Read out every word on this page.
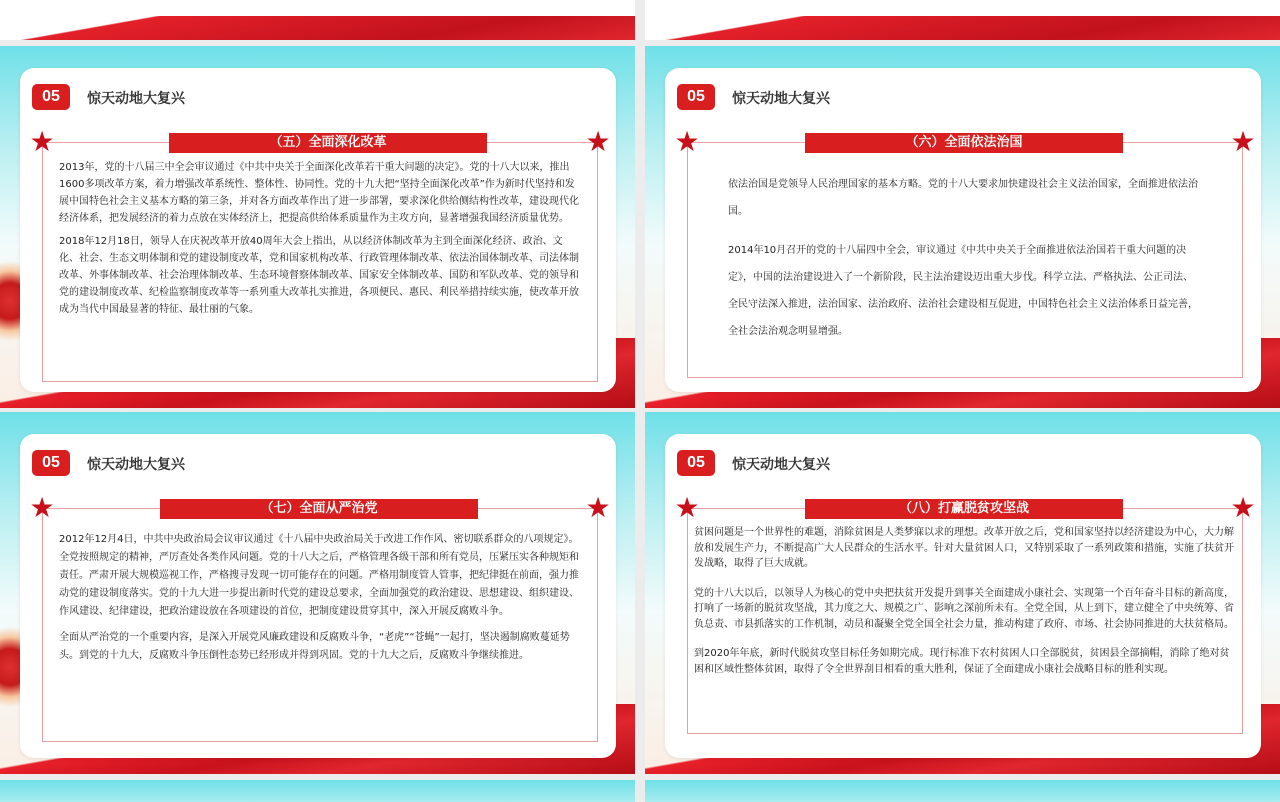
05	惊天动地大复兴
★	★
（五）全面深化改革

2013年，党的十八届三中全会审议通过《中共中央关于全面深化改革若干重大问题的决定》。党的十八大以来，推出1600多项改革方案，着力增强改革系统性、整体性、协同性。党的十九大把“坚持全面深化改革”作为新时代坚持和发展中国特色社会主义基本方略的第三条，并对各方面改革作出了进一步部署，要求深化供给侧结构性改革，建设现代化经济体系，把发展经济的着力点放在实体经济上，把提高供给体系质量作为主攻方向，显著增强我国经济质量优势。

2018年12月18日，领导人在庆祝改革开放40周年大会上指出，从以经济体制改革为主到全面深化经济、政治、文化、社会、生态文明体制和党的建设制度改革，党和国家机构改革、行政管理体制改革、依法治国体制改革、司法体制改革、外事体制改革、社会治理体制改革、生态环境督察体制改革、国家安全体制改革、国防和军队改革、党的领导和党的建设制度改革、纪检监察制度改革等一系列重大改革扎实推进，各项便民、惠民、利民举措持续实施，使改革开放成为当代中国最显著的特征、最壮丽的气象。

05	惊天动地大复兴
★	★
（六）全面依法治国

依法治国是党领导人民治理国家的基本方略。党的十八大要求加快建设社会主义法治国家，全面推进依法治国。

2014年10月召开的党的十八届四中全会，审议通过《中共中央关于全面推进依法治国若干重大问题的决定》，中国的法治建设进入了一个新阶段，民主法治建设迈出重大步伐。科学立法、严格执法、公正司法、全民守法深入推进，法治国家、法治政府、法治社会建设相互促进，中国特色社会主义法治体系日益完善，全社会法治观念明显增强。

05	惊天动地大复兴
★	★
（七）全面从严治党

2012年12月4日，中共中央政治局会议审议通过《十八届中央政治局关于改进工作作风、密切联系群众的八项规定》。全党按照规定的精神，严厉查处各类作风问题。党的十八大之后，严格管理各级干部和所有党员，压紧压实各种规矩和责任。严肃开展大规模巡视工作，严格搜寻发现一切可能存在的问题。严格用制度管人管事，把纪律挺在前面，强力推动党的建设制度落实。党的十九大进一步提出新时代党的建设总要求，全面加强党的政治建设、思想建设、组织建设、作风建设、纪律建设，把政治建设放在各项建设的首位，把制度建设贯穿其中，深入开展反腐败斗争。

全面从严治党的一个重要内容，是深入开展党风廉政建设和反腐败斗争，“老虎”“苍蝇”一起打，坚决遏制腐败蔓延势头。到党的十九大，反腐败斗争压倒性态势已经形成并得到巩固。党的十九大之后，反腐败斗争继续推进。

05	惊天动地大复兴
★	★
（八）打赢脱贫攻坚战

贫困问题是一个世界性的难题，消除贫困是人类梦寐以求的理想。改革开放之后，党和国家坚持以经济建设为中心，大力解放和发展生产力，不断提高广大人民群众的生活水平。针对大量贫困人口，又特别采取了一系列政策和措施，实施了扶贫开发战略，取得了巨大成就。

党的十八大以后，以领导人为核心的党中央把扶贫开发提升到事关全面建成小康社会、实现第一个百年奋斗目标的新高度，打响了一场新的脱贫攻坚战，其力度之大、规模之广、影响之深前所未有。全党全国，从上到下，建立健全了中央统筹、省负总责、市县抓落实的工作机制，动员和凝聚全党全国全社会力量，推动构建了政府、市场、社会协同推进的大扶贫格局。

到2020年年底，新时代脱贫攻坚目标任务如期完成。现行标准下农村贫困人口全部脱贫，贫困县全部摘帽，消除了绝对贫困和区域性整体贫困，取得了令全世界刮目相看的重大胜利，保证了全面建成小康社会战略目标的胜利实现。
